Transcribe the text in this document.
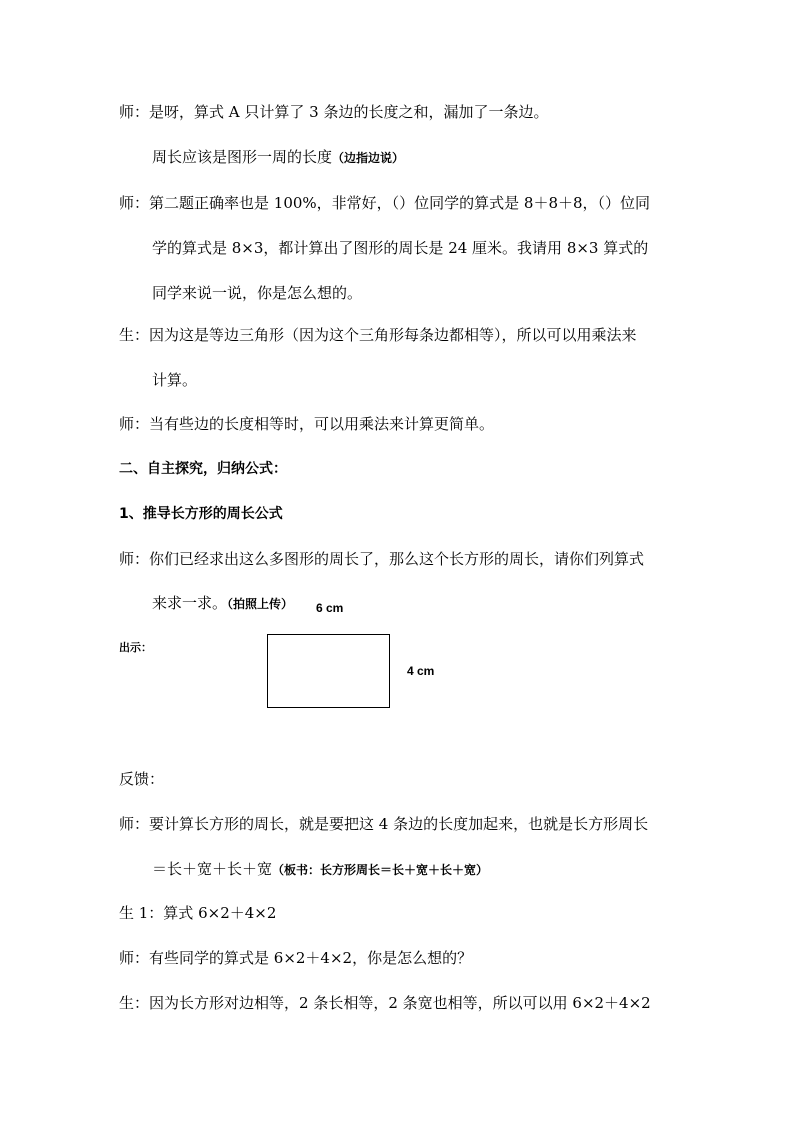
师：是呀，算式 A 只计算了 3 条边的长度之和，漏加了一条边。
周长应该是图形一周的长度（边指边说）
师：第二题正确率也是 100%，非常好，（）位同学的算式是 8＋8＋8，（）位同
学的算式是 8×3，都计算出了图形的周长是 24 厘米。我请用 8×3 算式的
同学来说一说，你是怎么想的。
生：因为这是等边三角形（因为这个三角形每条边都相等），所以可以用乘法来
计算。
师：当有些边的长度相等时，可以用乘法来计算更简单。
二、自主探究，归纳公式：
1、推导长方形的周长公式
师：你们已经求出这么多图形的周长了，那么这个长方形的周长，请你们列算式
来求一求。（拍照上传） 6 cm
出示：
4 cm
反馈：
师：要计算长方形的周长，就是要把这 4 条边的长度加起来，也就是长方形周长
＝长＋宽＋长＋宽（板书：长方形周长＝长＋宽＋长＋宽）
生 1：算式 6×2＋4×2
师：有些同学的算式是 6×2＋4×2，你是怎么想的？
生：因为长方形对边相等，2 条长相等，2 条宽也相等，所以可以用 6×2＋4×2
